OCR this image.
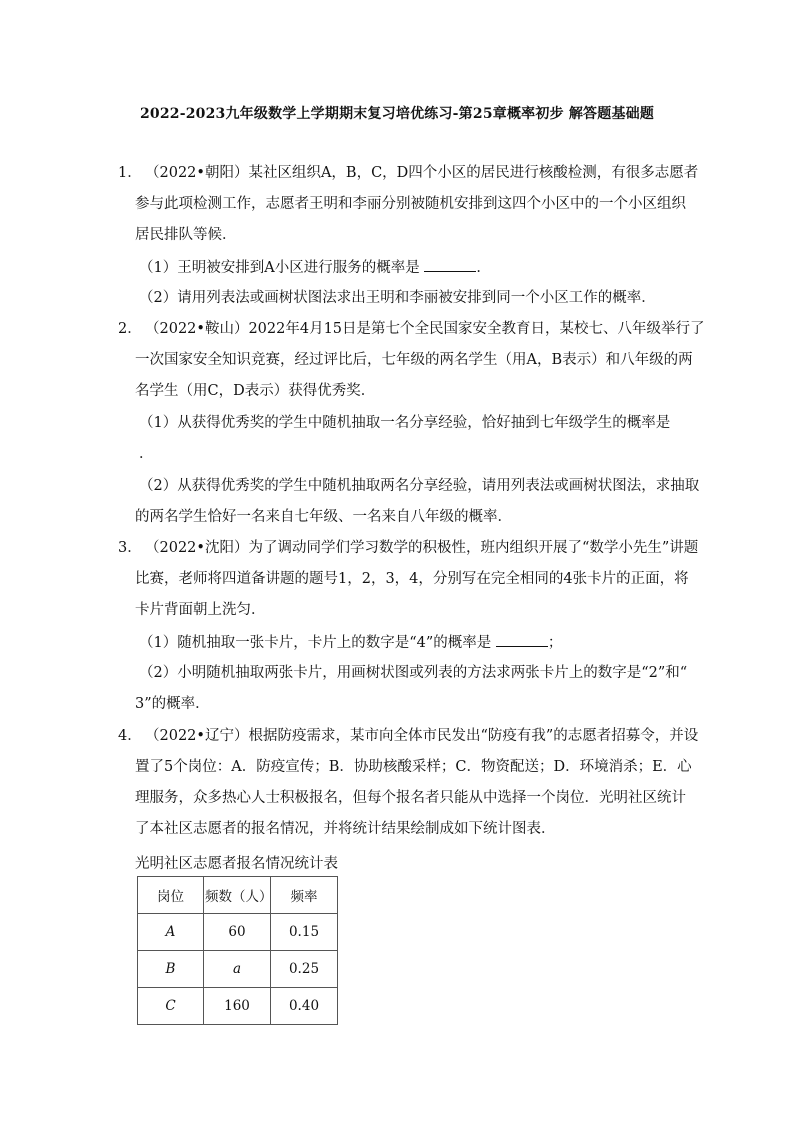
2022-2023九年级数学上学期期末复习培优练习-第25章概率初步 解答题基础题
1． （2022•朝阳）某社区组织A，B，C，D四个小区的居民进行核酸检测，有很多志愿者
参与此项检测工作，志愿者王明和李丽分别被随机安排到这四个小区中的一个小区组织
居民排队等候．
（1）王明被安排到A小区进行服务的概率是	．
（2）请用列表法或画树状图法求出王明和李丽被安排到同一个小区工作的概率．
2． （2022•鞍山）2022年4月15日是第七个全民国家安全教育日，某校七、八年级举行了
一次国家安全知识竞赛，经过评比后，七年级的两名学生（用A，B表示）和八年级的两
名学生（用C，D表示）获得优秀奖．
（1）从获得优秀奖的学生中随机抽取一名分享经验，恰好抽到七年级学生的概率是
．
（2）从获得优秀奖的学生中随机抽取两名分享经验，请用列表法或画树状图法，求抽取
的两名学生恰好一名来自七年级、一名来自八年级的概率．
3． （2022•沈阳）为了调动同学们学习数学的积极性，班内组织开展了“数学小先生”讲题
比赛，老师将四道备讲题的题号1，2，3，4，分别写在完全相同的4张卡片的正面，将
卡片背面朝上洗匀．
（1）随机抽取一张卡片，卡片上的数字是“4”的概率是	；
（2）小明随机抽取两张卡片，用画树状图或列表的方法求两张卡片上的数字是“2”和“
3”的概率．
4． （2022•辽宁）根据防疫需求，某市向全体市民发出“防疫有我”的志愿者招募令，并设
置了5个岗位：A．防疫宣传；B．协助核酸采样；C．物资配送；D．环境消杀；E．心
理服务，众多热心人士积极报名，但每个报名者只能从中选择一个岗位．光明社区统计
了本社区志愿者的报名情况，并将统计结果绘制成如下统计图表．
光明社区志愿者报名情况统计表
岗位	频数（人）	频率
A	60	0.15
B	a	0.25
C	160	0.40
